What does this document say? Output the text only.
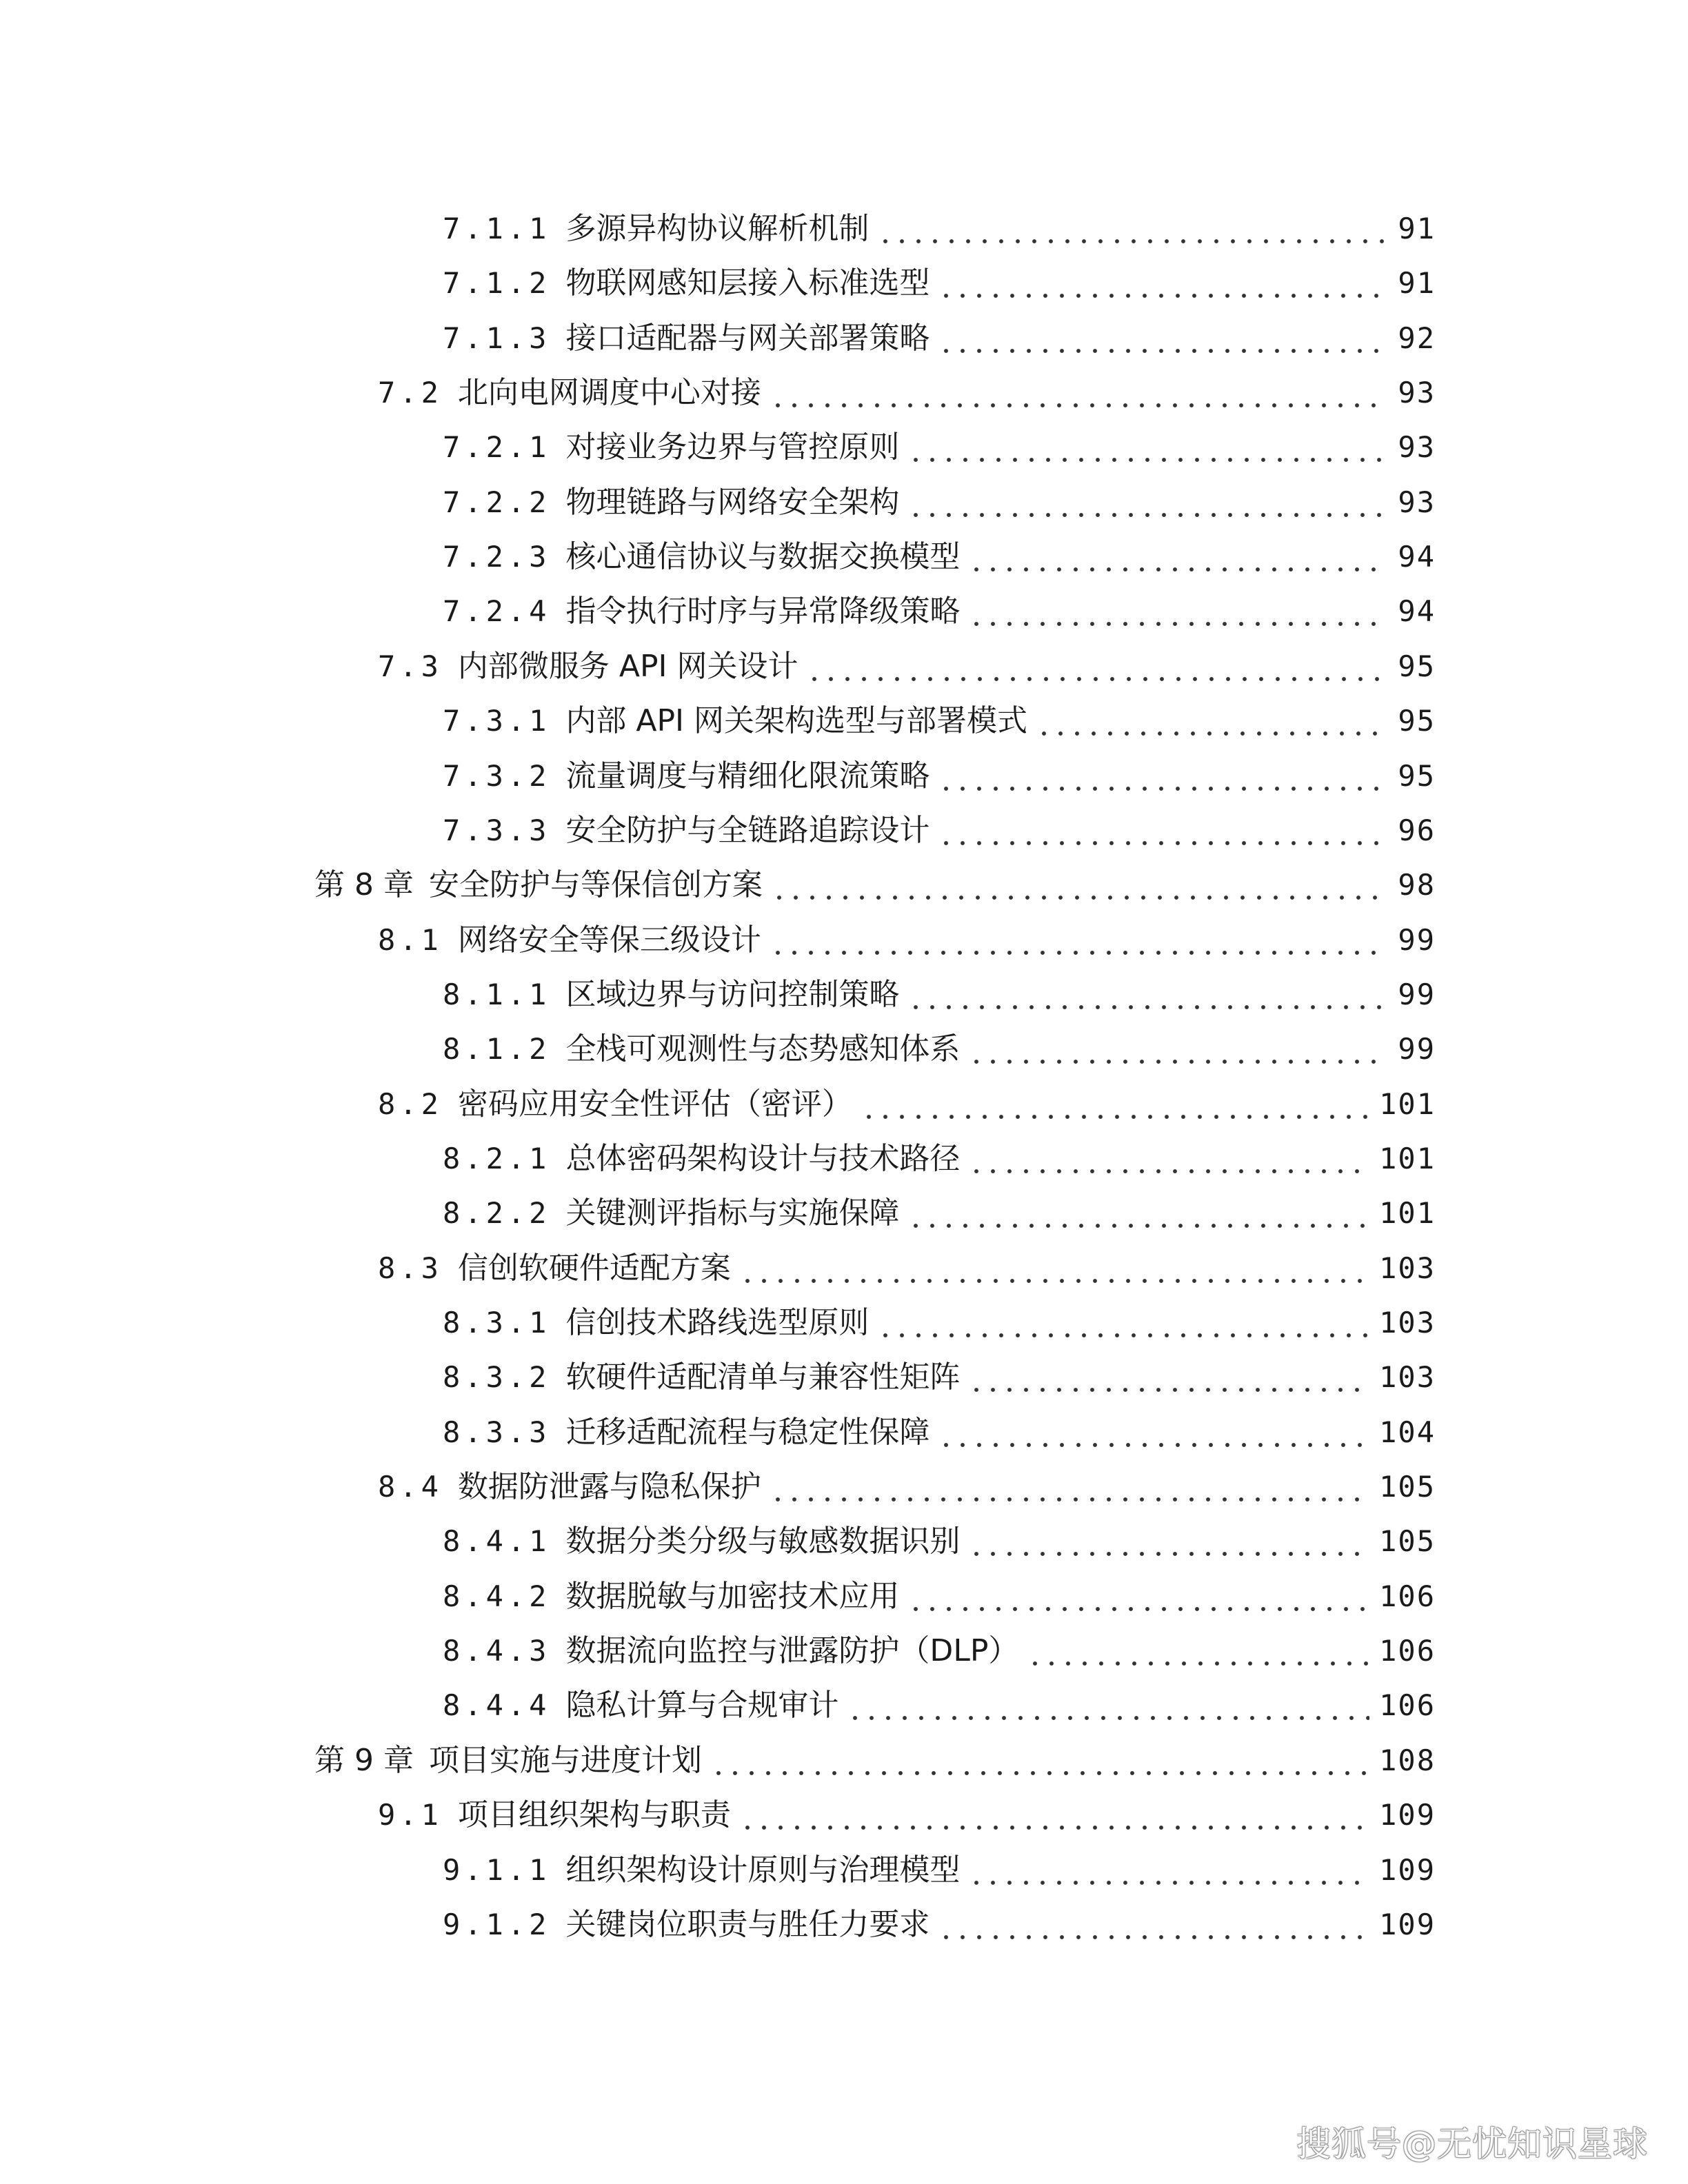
7.1.1 多源异构协议解析机制	91
7.1.2 物联网感知层接入标准选型	91
7.1.3 接口适配器与网关部署策略	92
7.2 北向电网调度中心对接	93
7.2.1 对接业务边界与管控原则	93
7.2.2 物理链路与网络安全架构	93
7.2.3 核心通信协议与数据交换模型	94
7.2.4 指令执行时序与异常降级策略	94
7.3 内部微服务 API 网关设计	95
7.3.1 内部 API 网关架构选型与部署模式	95
7.3.2 流量调度与精细化限流策略	95
7.3.3 安全防护与全链路追踪设计	96
第 8 章 安全防护与等保信创方案	98
8.1 网络安全等保三级设计	99
8.1.1 区域边界与访问控制策略	99
8.1.2 全栈可观测性与态势感知体系	99
8.2 密码应用安全性评估（密评）	101
8.2.1 总体密码架构设计与技术路径	101
8.2.2 关键测评指标与实施保障	101
8.3 信创软硬件适配方案	103
8.3.1 信创技术路线选型原则	103
8.3.2 软硬件适配清单与兼容性矩阵	103
8.3.3 迁移适配流程与稳定性保障	104
8.4 数据防泄露与隐私保护	105
8.4.1 数据分类分级与敏感数据识别	105
8.4.2 数据脱敏与加密技术应用	106
8.4.3 数据流向监控与泄露防护（DLP）	106
8.4.4 隐私计算与合规审计	106
第 9 章 项目实施与进度计划	108
9.1 项目组织架构与职责	109
9.1.1 组织架构设计原则与治理模型	109
9.1.2 关键岗位职责与胜任力要求	109
搜狐号@无忧知识星球
